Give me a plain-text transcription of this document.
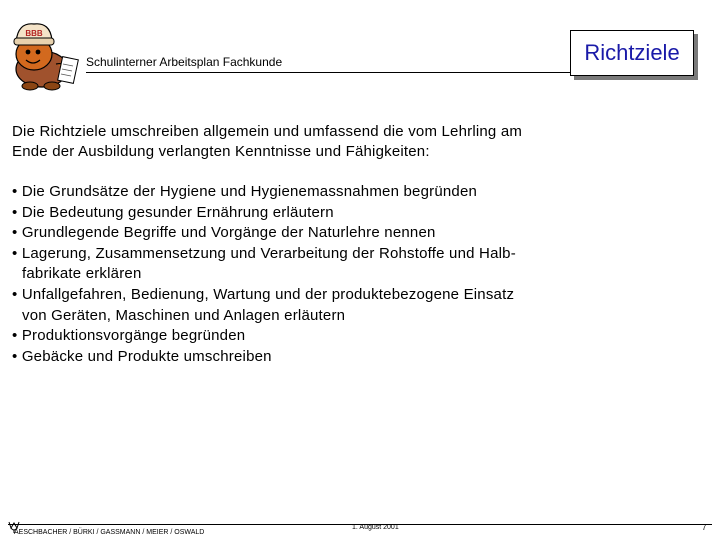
BBB
Schulinterner Arbeitsplan Fachkunde	Richtziele
Die Richtziele umschreiben allgemein und umfassend die vom Lehrling am
Ende der Ausbildung verlangten Kenntnisse und Fähigkeiten:
• Die Grundsätze der Hygiene und Hygienemassnahmen begründen
• Die Bedeutung gesunder Ernährung erläutern
• Grundlegende Begriffe und Vorgänge der Naturlehre nennen
• Lagerung, Zusammensetzung und Verarbeitung der Rohstoffe und Halb-
fabrikate erklären
• Unfallgefahren, Bedienung, Wartung und der produktebezogene Einsatz
von Geräten, Maschinen und Anlagen erläutern
• Produktionsvorgänge begründen
• Gebäcke und Produkte umschreiben
AESCHBACHER / BÜRKI / GASSMANN / MEIER / OSWALD
1. August 2001	7
